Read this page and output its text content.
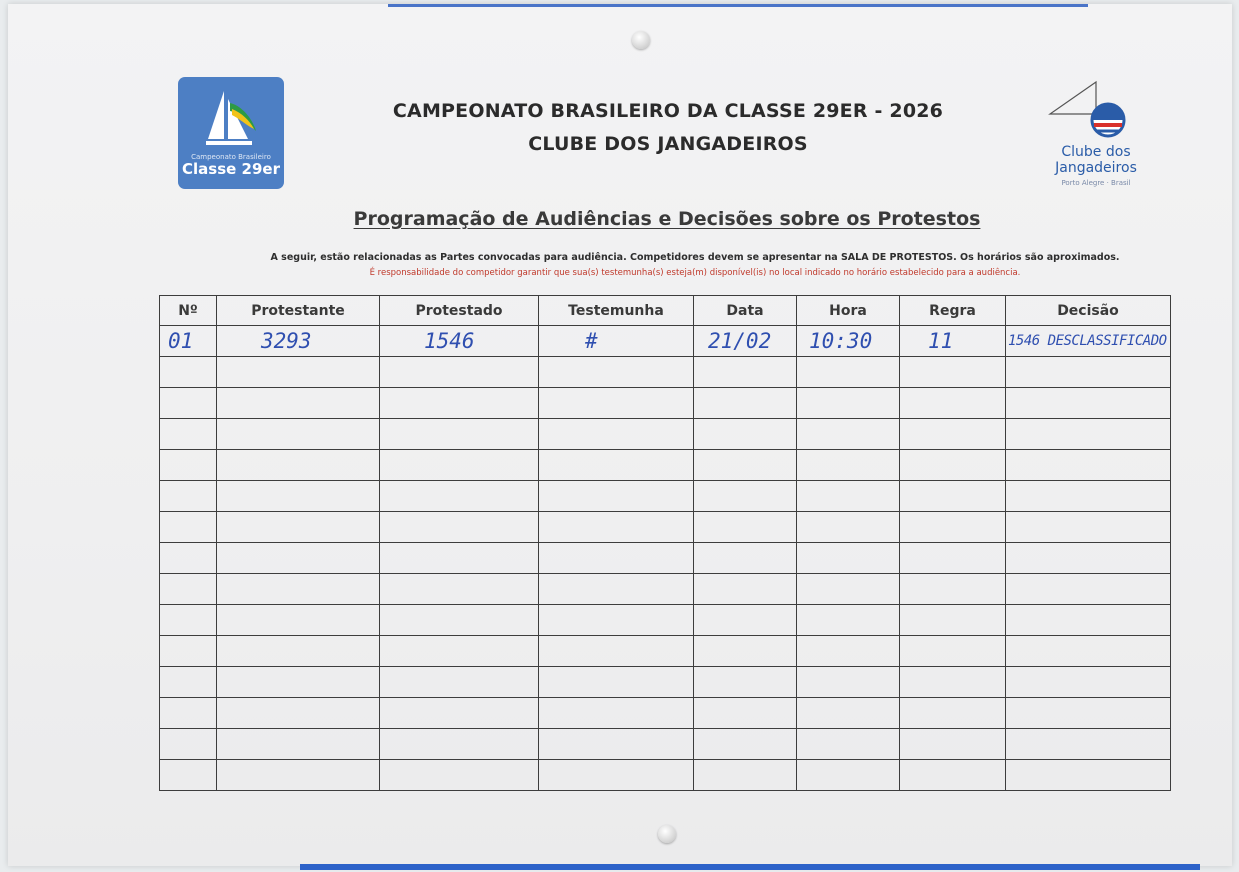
Campeonato Brasileiro
Classe 29er
CAMPEONATO BRASILEIRO DA CLASSE 29ER - 2026
CLUBE DOS JANGADEIROS	Clube dos
Jangadeiros
Porto Alegre · Brasil
Programação de Audiências e Decisões sobre os Protestos
A seguir, estão relacionadas as Partes convocadas para audiência. Competidores devem se apresentar na SALA DE PROTESTOS. Os horários são aproximados.
É responsabilidade do competidor garantir que sua(s) testemunha(s) esteja(m) disponível(is) no local indicado no horário estabelecido para a audiência.
Nº	Protestante	Protestado	Testemunha	Data	Hora	Regra	Decisão
01	3293	1546	#	21/02	10:30	11	1546 DESCLASSIFICADO
